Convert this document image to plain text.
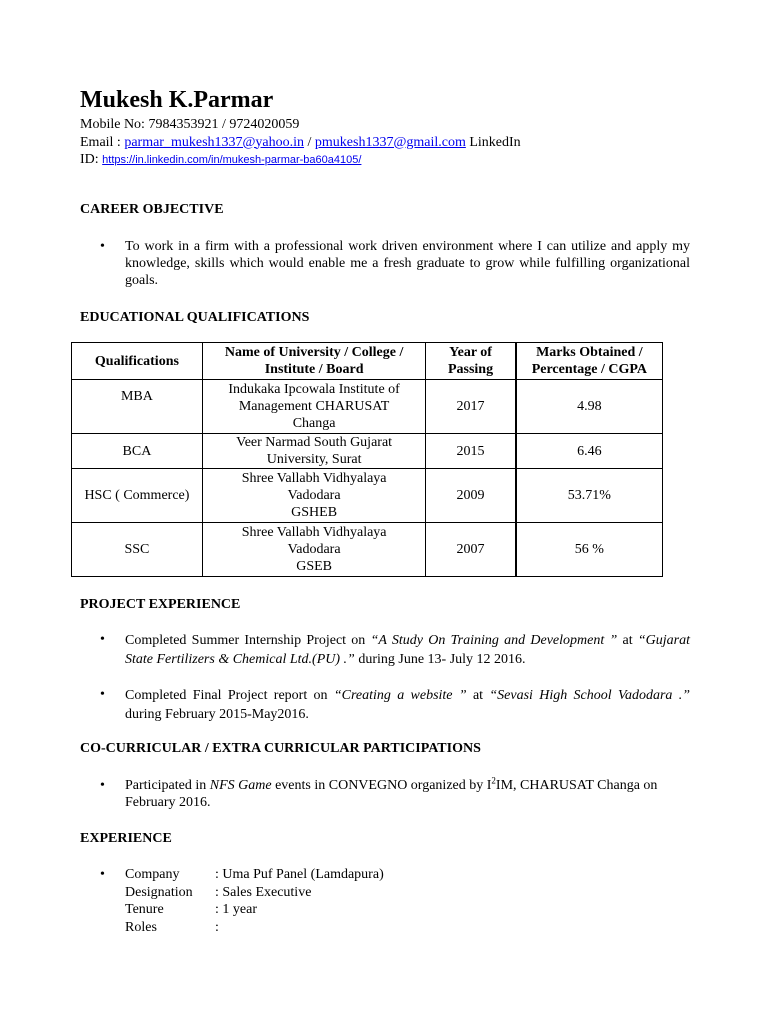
Mukesh K.Parmar
Mobile No: 7984353921 / 9724020059
Email : parmar_mukesh1337@yahoo.in / pmukesh1337@gmail.com LinkedIn
ID: https://in.linkedin.com/in/mukesh-parmar-ba60a4105/
CAREER OBJECTIVE
• To work in a firm with a professional work driven environment where I can utilize and apply my knowledge, skills which would enable me a fresh graduate to grow while fulfilling organizational goals.
EDUCATIONAL QUALIFICATIONS
Qualifications	Name of University / College / Institute / Board	Year of Passing	Marks Obtained / Percentage / CGPA
MBA	Indukaka Ipcowala Institute of
Management CHARUSAT
Changa	2017	4.98
BCA	Veer Narmad South Gujarat
University, Surat	2015	6.46
HSC ( Commerce)	Shree Vallabh Vidhyalaya
Vadodara
GSHEB	2009	53.71%
SSC	Shree Vallabh Vidhyalaya
Vadodara
GSEB	2007	56 %
PROJECT EXPERIENCE
• Completed Summer Internship Project on “A Study On Training and Development ” at “Gujarat State Fertilizers & Chemical Ltd.(PU) .” during June 13- July 12 2016.
• Completed Final Project report on “Creating a website ” at “Sevasi High School Vadodara .” during February 2015-May2016.
CO-CURRICULAR / EXTRA CURRICULAR PARTICIPATIONS
• Participated in NFS Game events in CONVEGNO organized by $I^2IM$, CHARUSAT Changa on February 2016.
EXPERIENCE
• Company	: Uma Puf Panel (Lamdapura)
Designation : Sales Executive
Tenure	: 1 year
Roles	:
